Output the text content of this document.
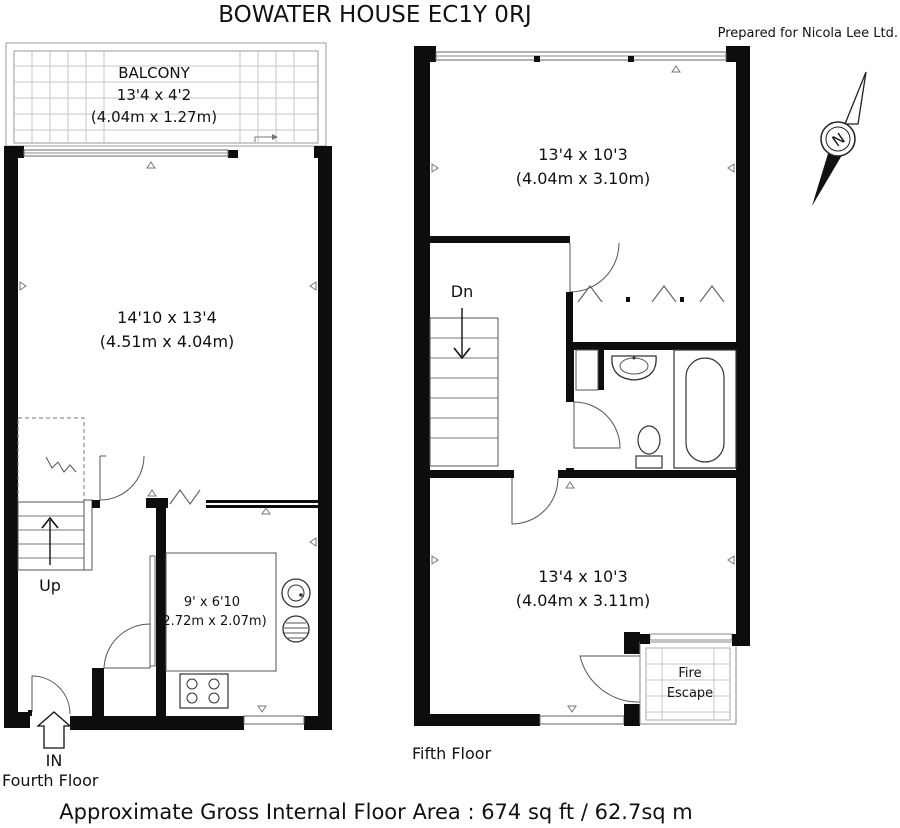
BOWATER HOUSE EC1Y 0RJ
Prepared for Nicola Lee Ltd.
N
BALCONY
13'4 x 4'2
(4.04m x 1.27m)
14'10 x 13'4
(4.51m x 4.04m)
9' x 6'10
(2.72m x 2.07m)
Up
IN
Fourth Floor
13'4 x 10'3
(4.04m x 3.10m)
Dn
13'4 x 10'3
(4.04m x 3.11m)
Fire
Escape
Fifth Floor
Approximate Gross Internal Floor Area : 674 sq ft / 62.7sq m
